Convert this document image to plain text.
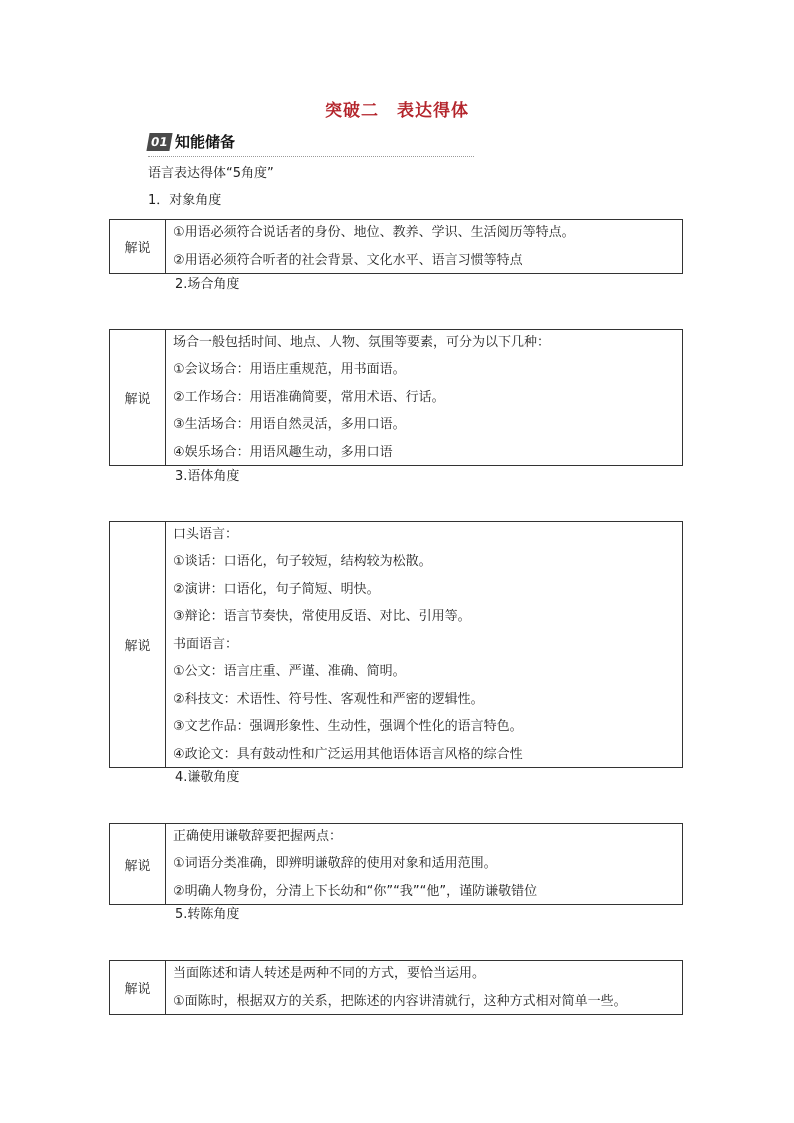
突破二　表达得体
01 知能储备
语言表达得体“5角度”
1．对象角度
解说
①用语必须符合说话者的身份、地位、教养、学识、生活阅历等特点。
②用语必须符合听者的社会背景、文化水平、语言习惯等特点
2.场合角度
解说
场合一般包括时间、地点、人物、氛围等要素，可分为以下几种：
①会议场合：用语庄重规范，用书面语。
②工作场合：用语准确简要，常用术语、行话。
③生活场合：用语自然灵活，多用口语。
④娱乐场合：用语风趣生动，多用口语
3.语体角度
解说
口头语言：
①谈话：口语化，句子较短，结构较为松散。
②演讲：口语化，句子简短、明快。
③辩论：语言节奏快，常使用反语、对比、引用等。
书面语言：
①公文：语言庄重、严谨、准确、简明。
②科技文：术语性、符号性、客观性和严密的逻辑性。
③文艺作品：强调形象性、生动性，强调个性化的语言特色。
④政论文：具有鼓动性和广泛运用其他语体语言风格的综合性
4.谦敬角度
解说
正确使用谦敬辞要把握两点：
①词语分类准确，即辨明谦敬辞的使用对象和适用范围。
②明确人物身份，分清上下长幼和“你”“我”“他”，谨防谦敬错位
5.转陈角度
解说
当面陈述和请人转述是两种不同的方式，要恰当运用。
①面陈时，根据双方的关系，把陈述的内容讲清就行，这种方式相对简单一些。
